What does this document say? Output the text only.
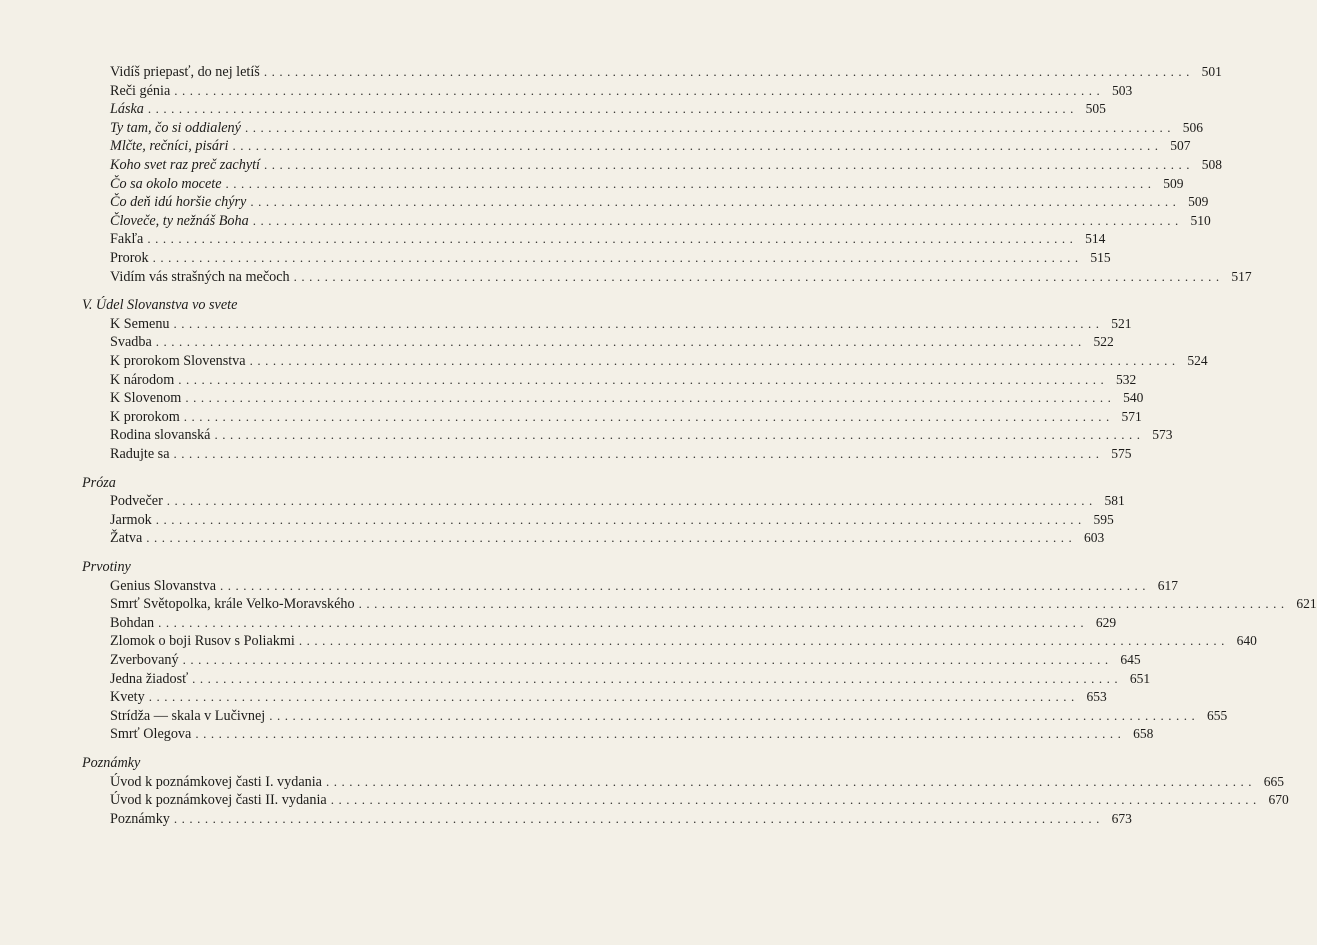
Vidíš priepasť, do nej letíš ........................................................................................................................ 501
Reči génia ........................................................................................................................ 503
Láska ........................................................................................................................ 505
Ty tam, čo si oddialený ........................................................................................................................ 506
Mlčte, rečníci, pisári ........................................................................................................................ 507
Koho svet raz preč zachytí ........................................................................................................................ 508
Čo sa okolo mocete ........................................................................................................................ 509
Čo deň idú horšie chýry ........................................................................................................................ 509
Človeče, ty nežnáš Boha ........................................................................................................................ 510
Fakľa ........................................................................................................................ 514
Prorok ........................................................................................................................ 515
Vidím vás strašných na mečoch ........................................................................................................................ 517
V. Údel Slovanstva vo svete
K Semenu ........................................................................................................................ 521
Svadba ........................................................................................................................ 522
K prorokom Slovenstva ........................................................................................................................ 524
K národom ........................................................................................................................ 532
K Slovenom ........................................................................................................................ 540
K prorokom ........................................................................................................................ 571
Rodina slovanská ........................................................................................................................ 573
Radujte sa ........................................................................................................................ 575
Próza
Podvečer ........................................................................................................................ 581
Jarmok ........................................................................................................................ 595
Žatva ........................................................................................................................ 603
Prvotiny
Genius Slovanstva ........................................................................................................................ 617
Smrť Světopolka, krále Velko-Moravského ........................................................................................................................ 621
Bohdan ........................................................................................................................ 629
Zlomok o boji Rusov s Poliakmi ........................................................................................................................ 640
Zverbovaný ........................................................................................................................ 645
Jedna žiadosť ........................................................................................................................ 651
Kvety ........................................................................................................................ 653
Strídža — skala v Lučivnej ........................................................................................................................ 655
Smrť Olegova ........................................................................................................................ 658
Poznámky
Úvod k poznámkovej časti I. vydania ........................................................................................................................ 665
Úvod k poznámkovej časti II. vydania ........................................................................................................................ 670
Poznámky ........................................................................................................................ 673
